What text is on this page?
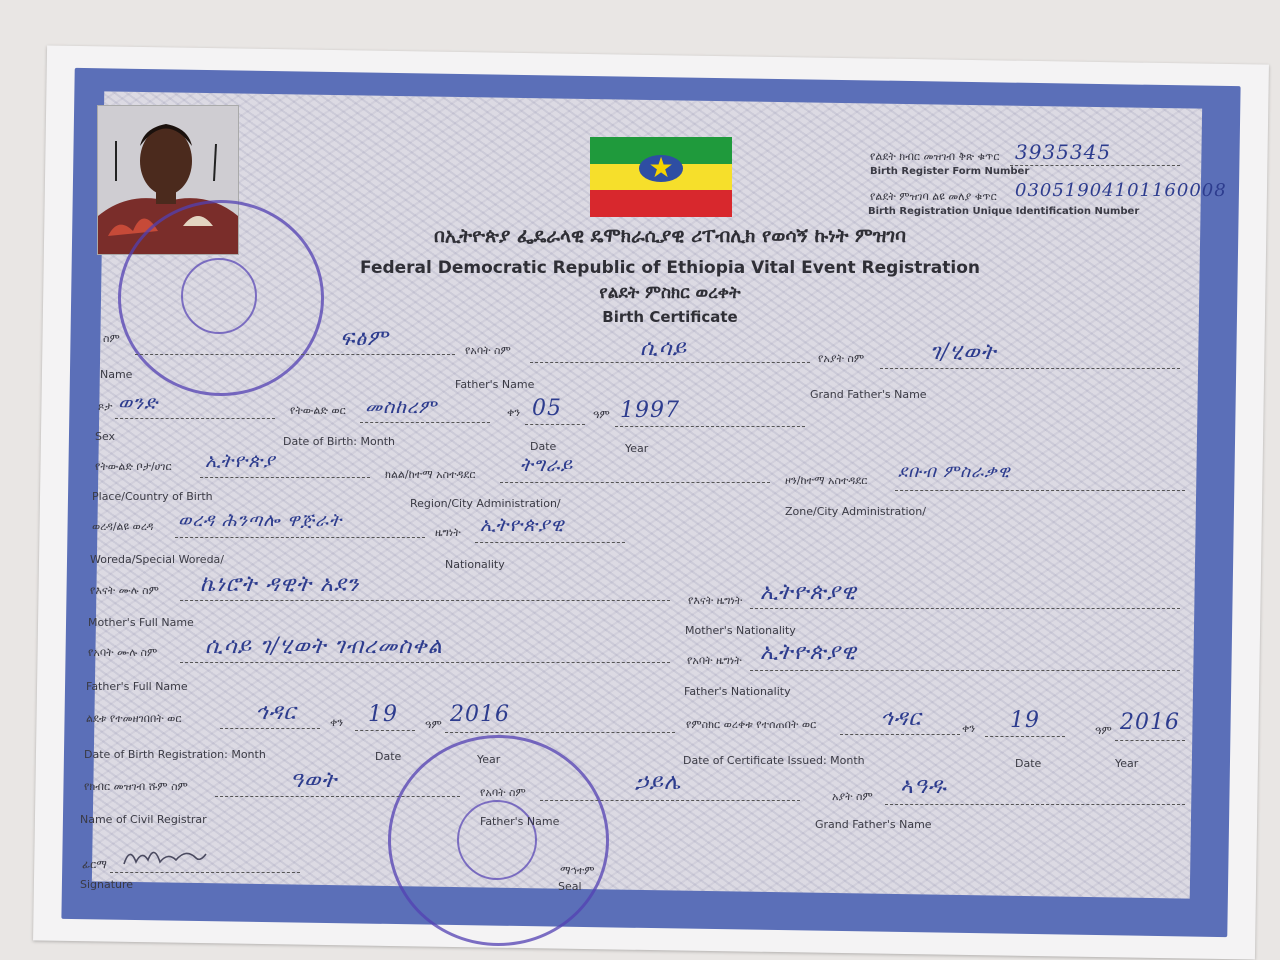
★	የልደት ክብር መዝገብ ቅጽ ቁጥር 3935345
Birth Register Form Number
የልደት ምዝገባ ልዩ መለያ ቁጥር 03051904101160008
Birth Registration Unique Identification Number
በኢትዮጵያ ፌዴራላዊ ዴሞክራሲያዊ ሪፐብሊክ የወሳኝ ኩነት ምዝገባ
Federal Democratic Republic of Ethiopia Vital Event Registration
የልደት ምስክር ወረቀት
Birth Certificate
ስም	ፍፅም
Name
የአባት ስም	ሲሳይ
Father's Name
የአያት ስም	ገ/ሂወት
Grand Father's Name
ጾታ ወንድ
Sex
የትውልድ ወር መስከረም
Date of Birth: Month
ቀን 05
Date
ዓም 1997
Year
የትውልድ ቦታ/ሀገር ኢትዮጵያ
Place/Country of Birth
ክልል/ከተማ አስተዳደር ትግራይ
Region/City Administration/
ዞን/ከተማ አስተዳደር ደቡብ ምስራቃዊ
Zone/City Administration/
ወረዳ/ልዩ ወረዳ ወረዳ ሕንጣሎ ዋጅራት
Woreda/Special Woreda/
ዜግነት ኢትዮጵያዊ
Nationality
የእናት ሙሉ ስም ኬነሮት ዳዊት አደን
Mother's Full Name
የእናት ዜግነት ኢትዮጵያዊ
Mother's Nationality
የአባት ሙሉ ስም ሲሳይ ገ/ሂወት ገብረመስቀል
Father's Full Name
የአባት ዜግነት ኢትዮጵያዊ
Father's Nationality
ልደቱ የተመዘገበበት ወር	ኅዳር
Date of Birth Registration: Month
ቀን 19
Date
ዓም 2016
Year
የምስክር ወረቀቱ የተሰጠበት ወር	ኅዳር
Date of Certificate Issued: Month
ቀን 19
Date
ዓም 2016
Year
የክብር መዝገብ ሹም ስም	ዓወት
Name of Civil Registrar
የአባት ስም	ኃይሌ
Father's Name
አያት ስም ኣዓዱ
Grand Father's Name
ፊርማ
Signature
ማኅተም
Seal
